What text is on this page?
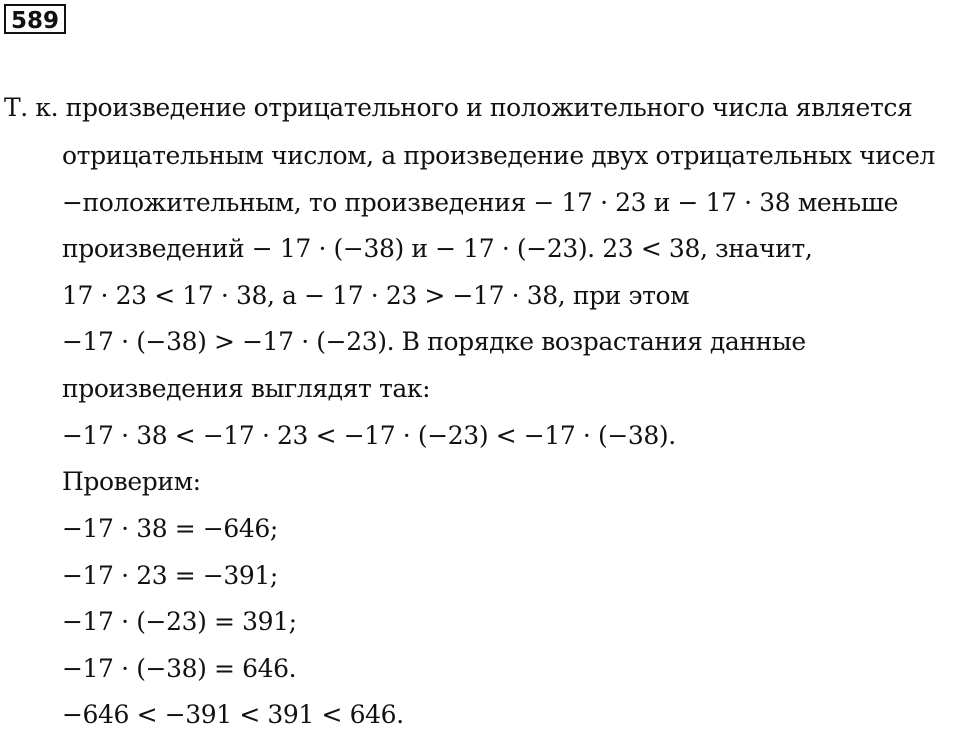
589
Т. к. произведение отрицательного и положительного числа является
отрицательным числом, а произведение двух отрицательных чисел
−положительным, то произведения − 17 · 23 и − 17 · 38 меньше
произведений − 17 · (−38) и − 17 · (−23). 23 < 38, значит,
17 · 23 < 17 · 38, а − 17 · 23 > −17 · 38, при этом
−17 · (−38) > −17 · (−23). В порядке возрастания данные
произведения выглядят так:
−17 · 38 < −17 · 23 < −17 · (−23) < −17 · (−38).
Проверим:
−17 · 38 = −646;
−17 · 23 = −391;
−17 · (−23) = 391;
−17 · (−38) = 646.
−646 < −391 < 391 < 646.
